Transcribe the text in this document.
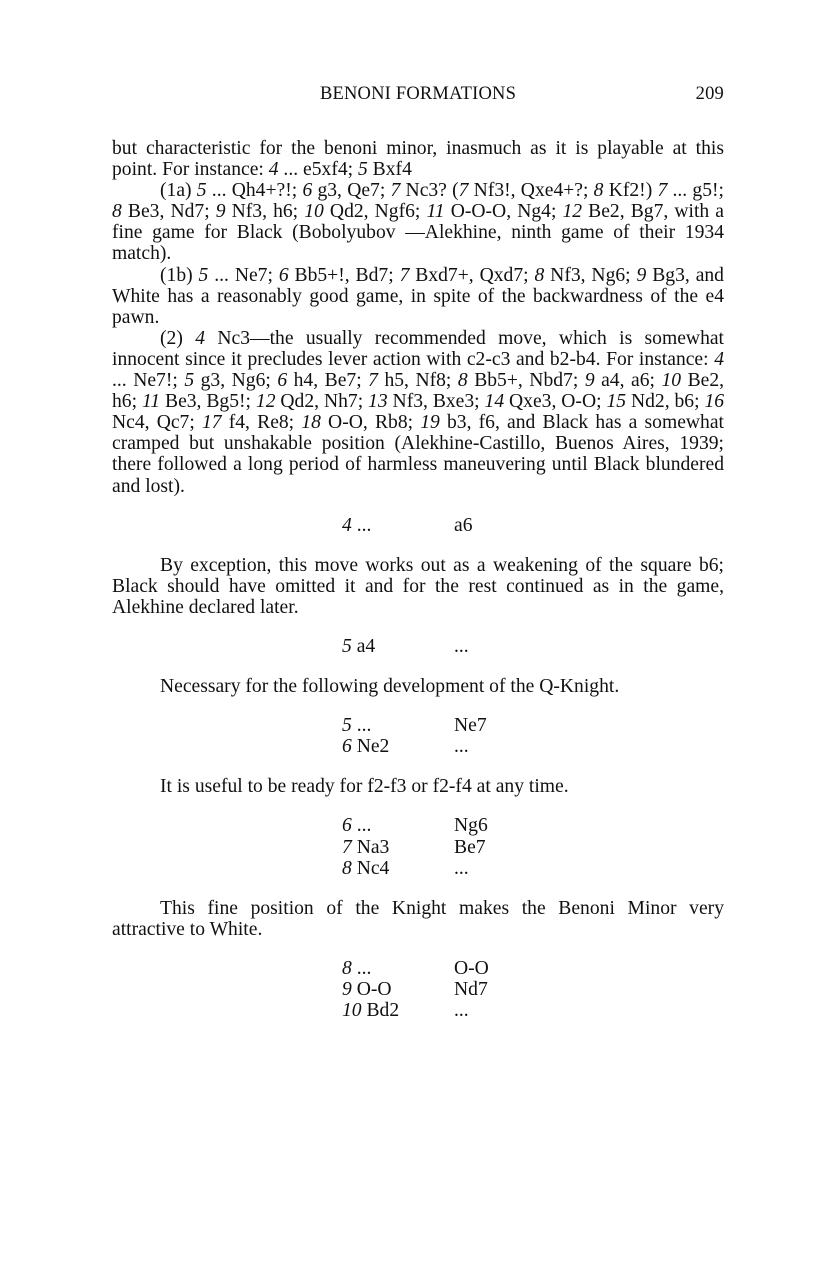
BENONI FORMATIONS	209

but characteristic for the benoni minor, inasmuch as it is playable at this point. For instance: 4 ... e5xf4; 5 Bxf4

(1a) 5 ... Qh4+?!; 6 g3, Qe7; 7 Nc3? (7 Nf3!, Qxe4+?; 8 Kf2!) 7 ... g5!; 8 Be3, Nd7; 9 Nf3, h6; 10 Qd2, Ngf6; 11 O-O-O, Ng4; 12 Be2, Bg7, with a fine game for Black (Bobolyubov —Alekhine, ninth game of their 1934 match).

(1b) 5 ... Ne7; 6 Bb5+!, Bd7; 7 Bxd7+, Qxd7; 8 Nf3, Ng6; 9 Bg3, and White has a reasonably good game, in spite of the backwardness of the e4 pawn.

(2) 4 Nc3—the usually recommended move, which is somewhat innocent since it precludes lever action with c2-c3 and b2-b4. For instance: 4 ... Ne7!; 5 g3, Ng6; 6 h4, Be7; 7 h5, Nf8; 8 Bb5+, Nbd7; 9 a4, a6; 10 Be2, h6; 11 Be3, Bg5!; 12 Qd2, Nh7; 13 Nf3, Bxe3; 14 Qxe3, O-O; 15 Nd2, b6; 16 Nc4, Qc7; 17 f4, Re8; 18 O-O, Rb8; 19 b3, f6, and Black has a somewhat cramped but unshakable position (Alekhine-Castillo, Buenos Aires, 1939; there followed a long period of harmless maneuvering until Black blundered and lost).

4 ...	a6

By exception, this move works out as a weakening of the square b6; Black should have omitted it and for the rest continued as in the game, Alekhine declared later.

5 a4	...

Necessary for the following development of the Q-Knight.

5 ...	Ne7
6 Ne2	...

It is useful to be ready for f2-f3 or f2-f4 at any time.

6 ...	Ng6
7 Na3	Be7
8 Nc4	...

This fine position of the Knight makes the Benoni Minor very attractive to White.

8 ...	O-O
9 O-O	Nd7
10 Bd2	...
